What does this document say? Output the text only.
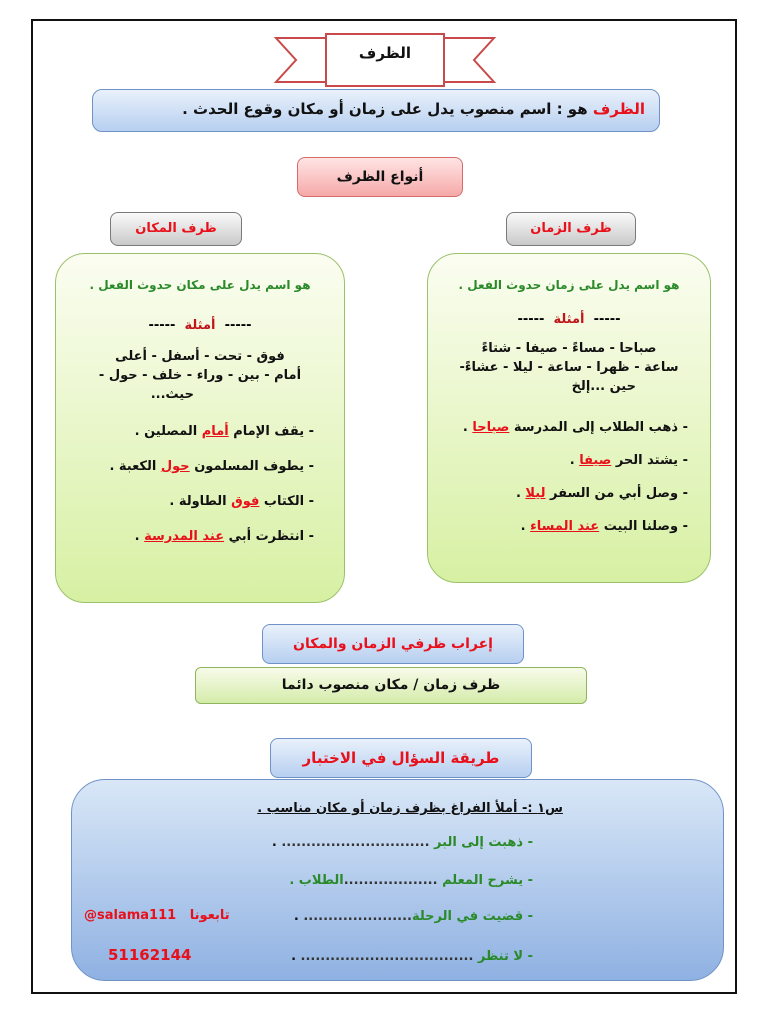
الظرف
الظرف هو : اسم منصوب يدل على زمان أو مكان وقوع الحدث .
أنواع الظرف
ظرف المكان	ظرف الزمان
هو اسم يدل على مكان حدوث الفعل .
-----  أمثلة  -----
فوق - تحت - أسفل - أعلى
أمام - بين - وراء - خلف - حول -
حيث...
- يقف الإمام أمام المصلين .
- يطوف المسلمون حول الكعبة .
- الكتاب فوق الطاولة .
- انتظرت أبي عند المدرسة .
هو اسم يدل على زمان حدوث الفعل .
-----  أمثلة  -----
صباحا - مساءً - صيفا - شتاءً
ساعة - ظهرا - ساعة - ليلا - عشاءً-
حين ...إلخ
- ذهب الطلاب إلى المدرسة صباحا .
- يشتد الحر صيفا .
- وصل أبي من السفر ليلا .
- وصلنا البيت عند المساء .
إعراب ظرفي الزمان والمكان
ظرف زمان / مكان منصوب دائما
طريقة السؤال في الاختبار
س١ :- أملأ الفراغ بظرف زمان أو مكان مناسب .
- ذهبت إلى البر .............................. .
- يشرح المعلم ...................الطلاب .
- قضيت في الرحلة...................... .
- لا تنظر ................................... .
@salama111 تابعونا
51162144
